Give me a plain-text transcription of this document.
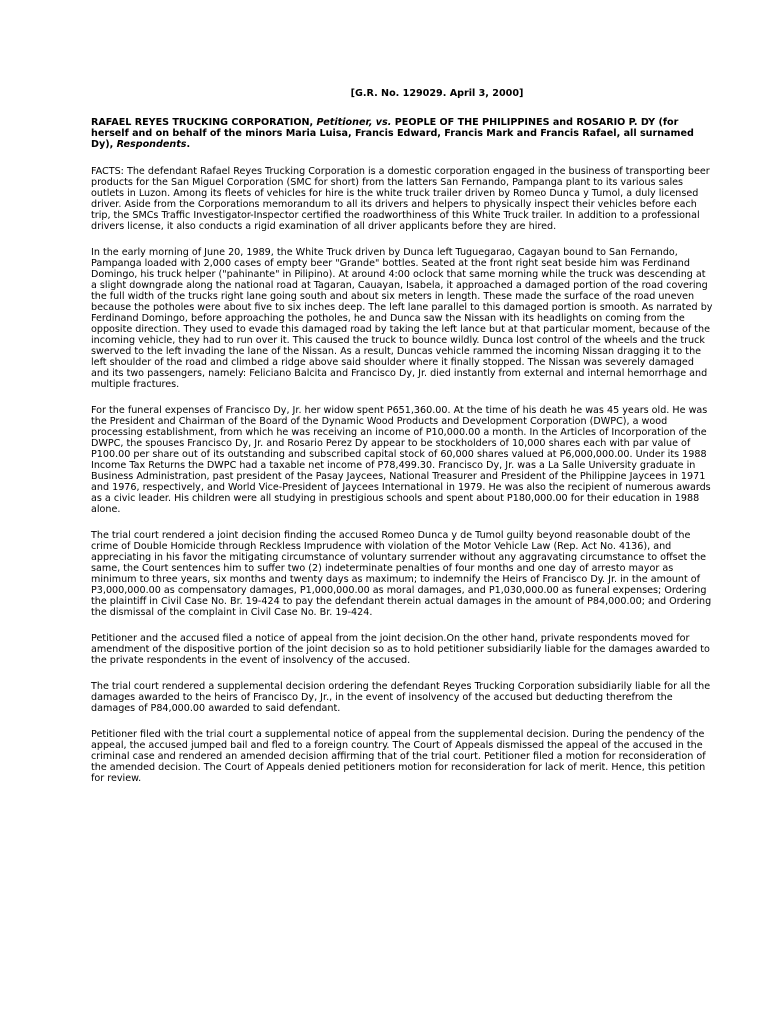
[G.R. No. 129029. April 3, 2000]

RAFAEL REYES TRUCKING CORPORATION, Petitioner, vs. PEOPLE OF THE PHILIPPINES and ROSARIO P. DY (for herself and on behalf of the minors Maria Luisa, Francis Edward, Francis Mark and Francis Rafael, all surnamed Dy), Respondents.

FACTS: The defendant Rafael Reyes Trucking Corporation is a domestic corporation engaged in the business of transporting beer products for the San Miguel Corporation (SMC for short) from the latters San Fernando, Pampanga plant to its various sales outlets in Luzon. Among its fleets of vehicles for hire is the white truck trailer driven by Romeo Dunca y Tumol, a duly licensed driver. Aside from the Corporations memorandum to all its drivers and helpers to physically inspect their vehicles before each trip, the SMCs Traffic Investigator-Inspector certified the roadworthiness of this White Truck trailer. In addition to a professional drivers license, it also conducts a rigid examination of all driver applicants before they are hired.

In the early morning of June 20, 1989, the White Truck driven by Dunca left Tuguegarao, Cagayan bound to San Fernando, Pampanga loaded with 2,000 cases of empty beer "Grande" bottles. Seated at the front right seat beside him was Ferdinand Domingo, his truck helper ("pahinante" in Pilipino). At around 4:00 oclock that same morning while the truck was descending at a slight downgrade along the national road at Tagaran, Cauayan, Isabela, it approached a damaged portion of the road covering the full width of the trucks right lane going south and about six meters in length. These made the surface of the road uneven because the potholes were about five to six inches deep. The left lane parallel to this damaged portion is smooth. As narrated by Ferdinand Domingo, before approaching the potholes, he and Dunca saw the Nissan with its headlights on coming from the opposite direction. They used to evade this damaged road by taking the left lance but at that particular moment, because of the incoming vehicle, they had to run over it. This caused the truck to bounce wildly. Dunca lost control of the wheels and the truck swerved to the left invading the lane of the Nissan. As a result, Duncas vehicle rammed the incoming Nissan dragging it to the left shoulder of the road and climbed a ridge above said shoulder where it finally stopped. The Nissan was severely damaged and its two passengers, namely: Feliciano Balcita and Francisco Dy, Jr. died instantly from external and internal hemorrhage and multiple fractures.

For the funeral expenses of Francisco Dy, Jr. her widow spent P651,360.00. At the time of his death he was 45 years old. He was the President and Chairman of the Board of the Dynamic Wood Products and Development Corporation (DWPC), a wood processing establishment, from which he was receiving an income of P10,000.00 a month. In the Articles of Incorporation of the DWPC, the spouses Francisco Dy, Jr. and Rosario Perez Dy appear to be stockholders of 10,000 shares each with par value of P100.00 per share out of its outstanding and subscribed capital stock of 60,000 shares valued at P6,000,000.00. Under its 1988 Income Tax Returns the DWPC had a taxable net income of P78,499.30. Francisco Dy, Jr. was a La Salle University graduate in Business Administration, past president of the Pasay Jaycees, National Treasurer and President of the Philippine Jaycees in 1971 and 1976, respectively, and World Vice-President of Jaycees International in 1979. He was also the recipient of numerous awards as a civic leader. His children were all studying in prestigious schools and spent about P180,000.00 for their education in 1988 alone.

The trial court rendered a joint decision finding the accused Romeo Dunca y de Tumol guilty beyond reasonable doubt of the crime of Double Homicide through Reckless Imprudence with violation of the Motor Vehicle Law (Rep. Act No. 4136), and appreciating in his favor the mitigating circumstance of voluntary surrender without any aggravating circumstance to offset the same, the Court sentences him to suffer two (2) indeterminate penalties of four months and one day of arresto mayor as minimum to three years, six months and twenty days as maximum; to indemnify the Heirs of Francisco Dy. Jr. in the amount of P3,000,000.00 as compensatory damages, P1,000,000.00 as moral damages, and P1,030,000.00 as funeral expenses; Ordering the plaintiff in Civil Case No. Br. 19-424 to pay the defendant therein actual damages in the amount of P84,000.00; and Ordering the dismissal of the complaint in Civil Case No. Br. 19-424.

Petitioner and the accused filed a notice of appeal from the joint decision.On the other hand, private respondents moved for amendment of the dispositive portion of the joint decision so as to hold petitioner subsidiarily liable for the damages awarded to the private respondents in the event of insolvency of the accused.

The trial court rendered a supplemental decision ordering the defendant Reyes Trucking Corporation subsidiarily liable for all the damages awarded to the heirs of Francisco Dy, Jr., in the event of insolvency of the accused but deducting therefrom the damages of P84,000.00 awarded to said defendant.

Petitioner filed with the trial court a supplemental notice of appeal from the supplemental decision. During the pendency of the appeal, the accused jumped bail and fled to a foreign country. The Court of Appeals dismissed the appeal of the accused in the criminal case and rendered an amended decision affirming that of the trial court. Petitioner filed a motion for reconsideration of the amended decision. The Court of Appeals denied petitioners motion for reconsideration for lack of merit. Hence, this petition for review.
